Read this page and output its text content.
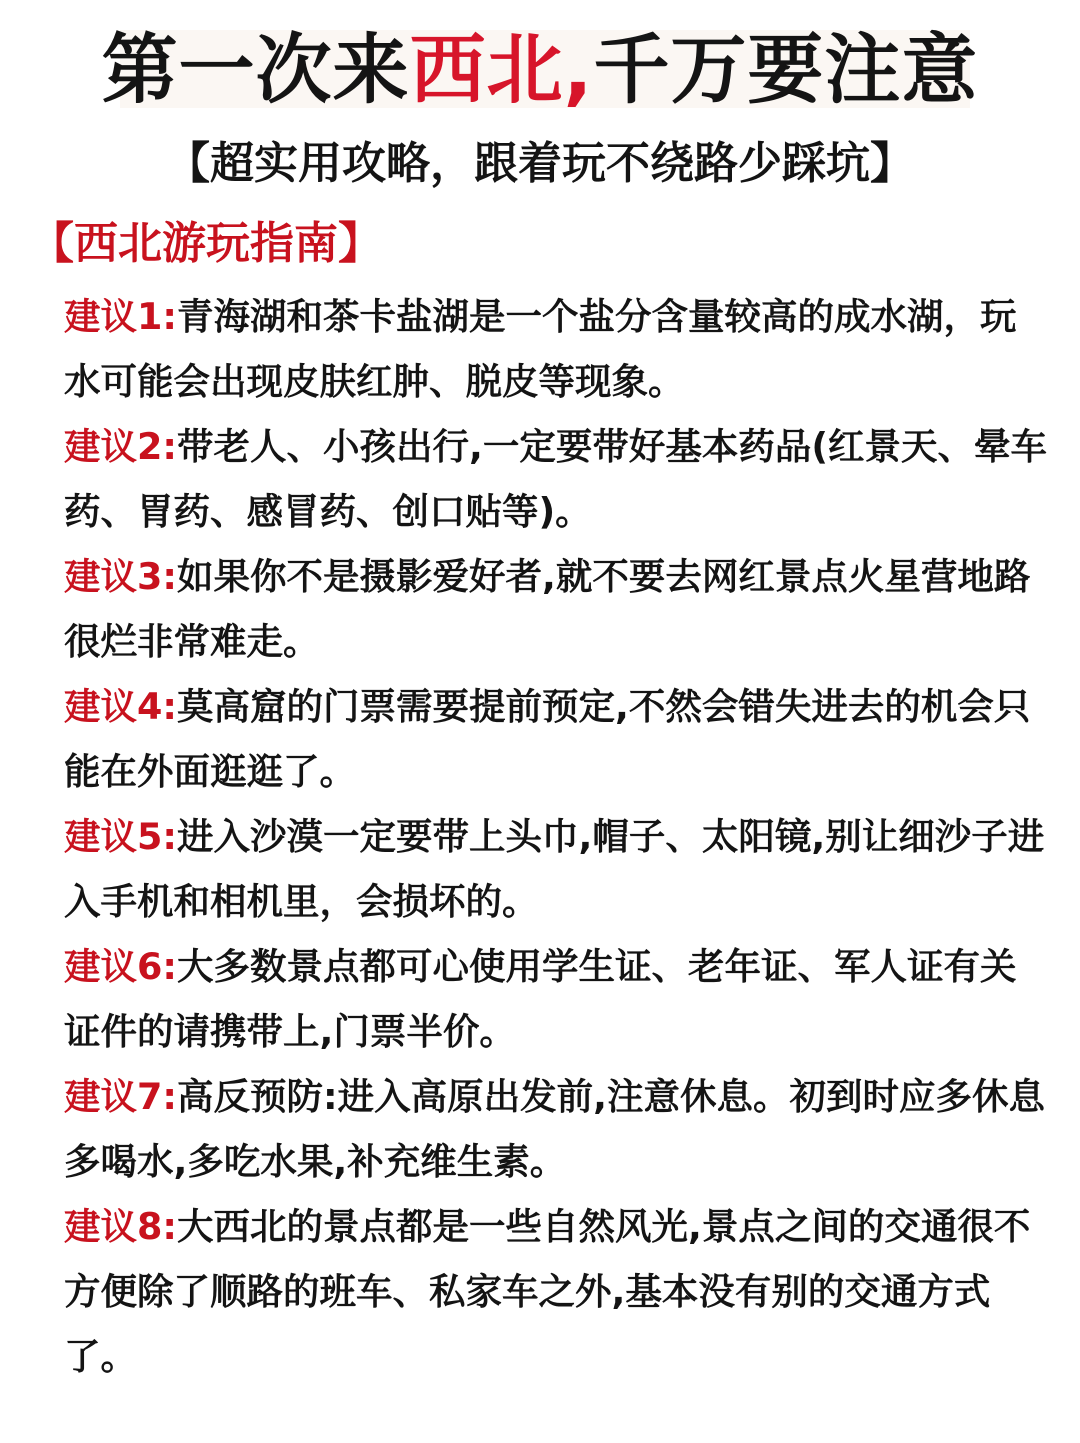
第一次来西北,千万要注意
【超实用攻略，跟着玩不绕路少踩坑】
【西北游玩指南】

建议1:青海湖和茶卡盐湖是一个盐分含量较高的成水湖，玩水可能会出现皮肤红肿、脱皮等现象。

建议2:带老人、小孩出行,一定要带好基本药品(红景天、晕车药、胃药、感冒药、创口贴等)。

建议3:如果你不是摄影爱好者,就不要去网红景点火星营地路很烂非常难走。

建议4:莫高窟的门票需要提前预定,不然会错失进去的机会只能在外面逛逛了。

建议5:进入沙漠一定要带上头巾,帽子、太阳镜,别让细沙子进入手机和相机里，会损坏的。

建议6:大多数景点都可心使用学生证、老年证、军人证有关证件的请携带上,门票半价。

建议7:高反预防:进入高原出发前,注意休息。初到时应多休息多喝水,多吃水果,补充维生素。

建议8:大西北的景点都是一些自然风光,景点之间的交通很不方便除了顺路的班车、私家车之外,基本没有别的交通方式了。
